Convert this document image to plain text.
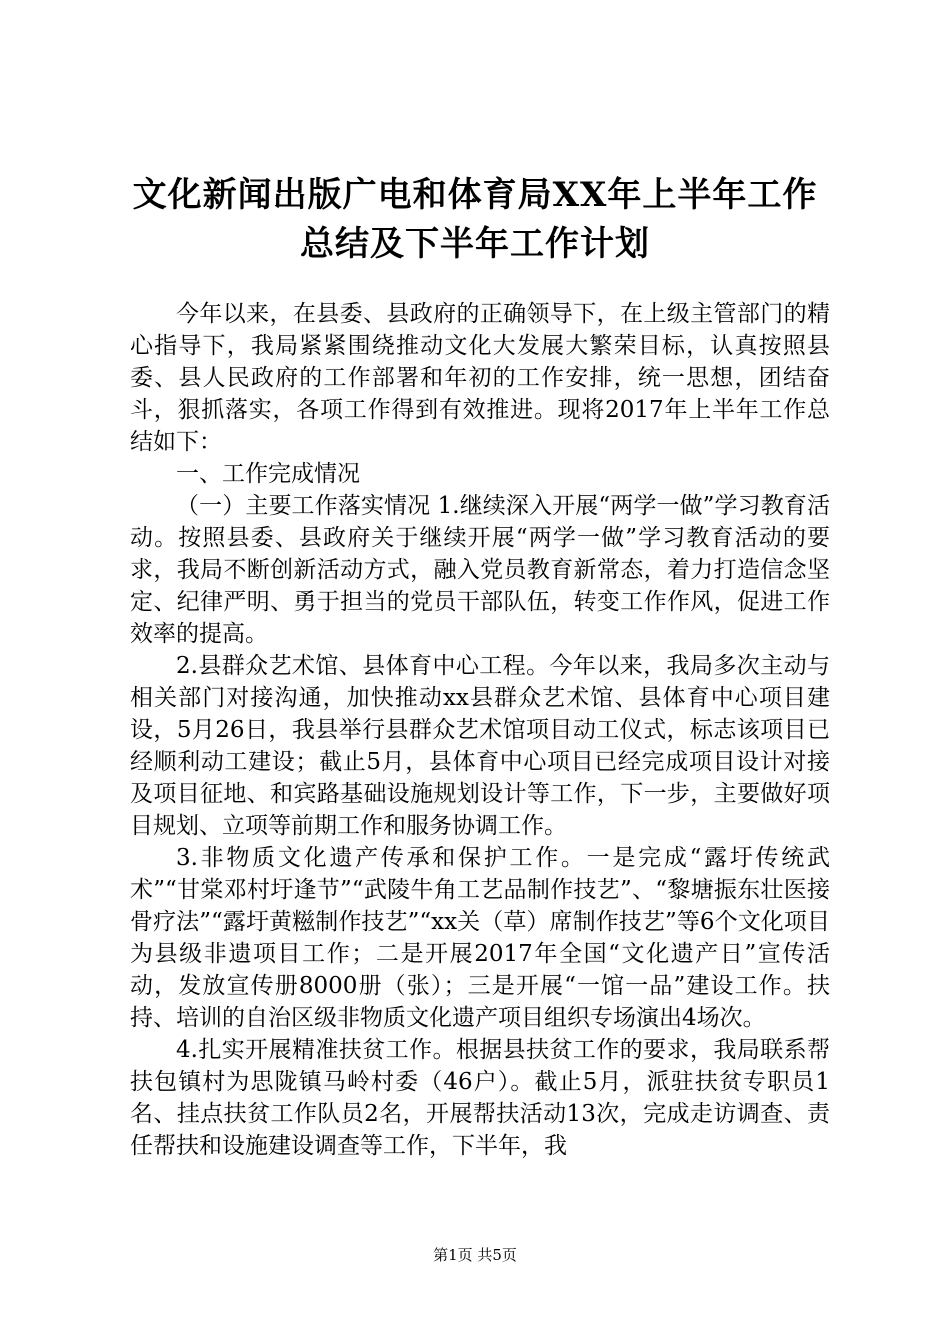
文化新闻出版广电和体育局XX年上半年工作
总结及下半年工作计划

今年以来，在县委、县政府的正确领导下，在上级主管部门的精心指导下，我局紧紧围绕推动文化大发展大繁荣目标，认真按照县委、县人民政府的工作部署和年初的工作安排，统一思想，团结奋斗，狠抓落实，各项工作得到有效推进。现将2017年上半年工作总结如下：

一、工作完成情况

（一）主要工作落实情况 1.继续深入开展“两学一做”学习教育活动。按照县委、县政府关于继续开展“两学一做”学习教育活动的要求，我局不断创新活动方式，融入党员教育新常态，着力打造信念坚定、纪律严明、勇于担当的党员干部队伍，转变工作作风，促进工作效率的提高。

2.县群众艺术馆、县体育中心工程。今年以来，我局多次主动与相关部门对接沟通，加快推动xx县群众艺术馆、县体育中心项目建设，5月26日，我县举行县群众艺术馆项目动工仪式，标志该项目已经顺利动工建设；截止5月，县体育中心项目已经完成项目设计对接及项目征地、和宾路基础设施规划设计等工作，下一步，主要做好项目规划、立项等前期工作和服务协调工作。

3.非物质文化遗产传承和保护工作。一是完成“露圩传统武术”“甘棠邓村圩逢节”“武陵牛角工艺品制作技艺”、“黎塘振东壮医接骨疗法”“露圩黄糍制作技艺”“xx关（草）席制作技艺”等6个文化项目为县级非遗项目工作；二是开展2017年全国“文化遗产日”宣传活动，发放宣传册8000册（张）；三是开展“一馆一品”建设工作。扶持、培训的自治区级非物质文化遗产项目组织专场演出4场次。

4.扎实开展精准扶贫工作。根据县扶贫工作的要求，我局联系帮扶包镇村为思陇镇马岭村委（46户）。截止5月，派驻扶贫专职员1名、挂点扶贫工作队员2名，开展帮扶活动13次，完成走访调查、责任帮扶和设施建设调查等工作，下半年，我

第1页 共5页
